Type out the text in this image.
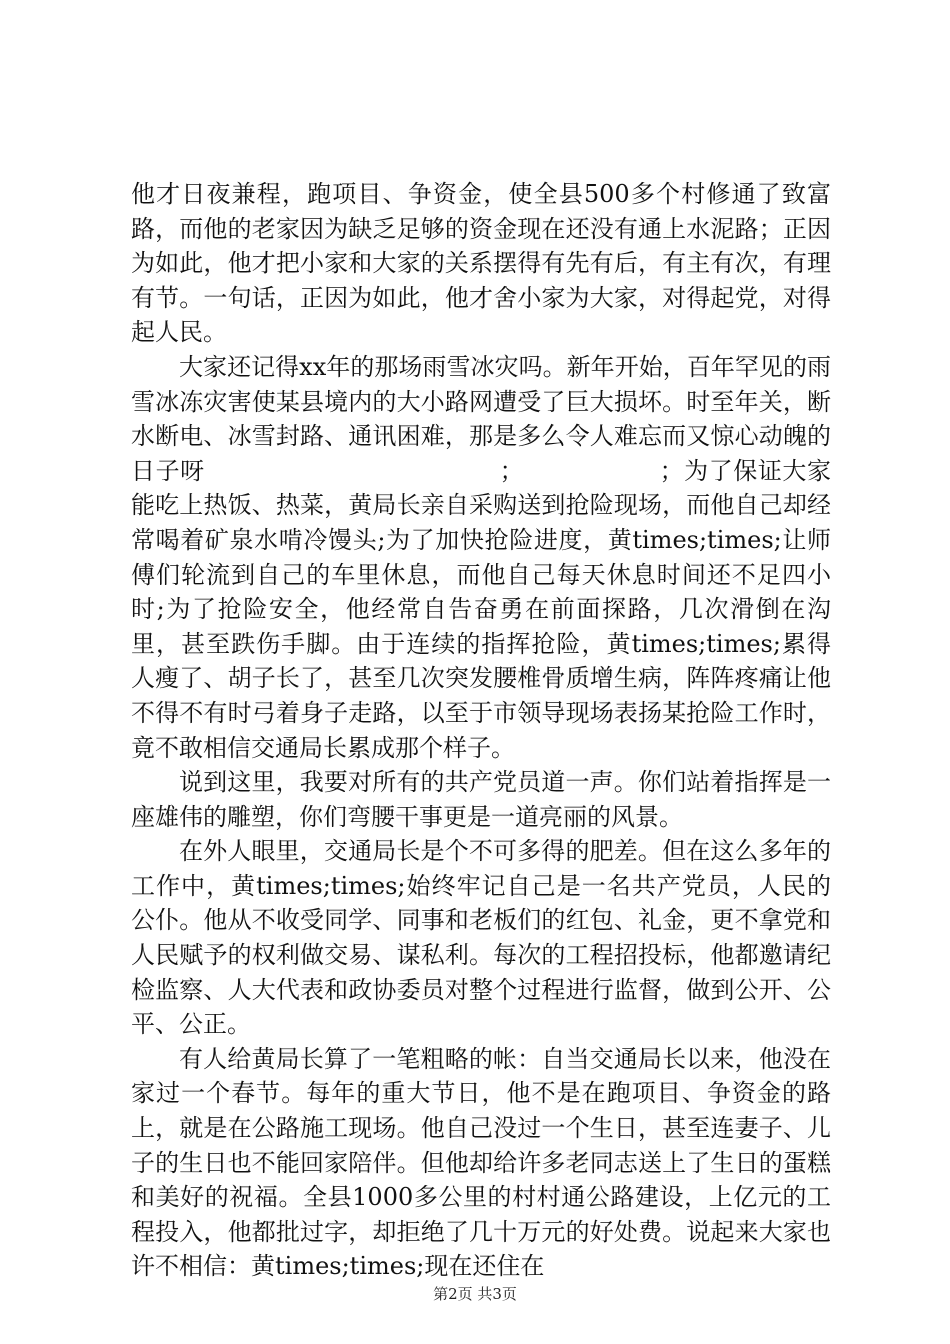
他才日夜兼程，跑项目、争资金，使全县500多个村修通了致富路，而他的老家因为缺乏足够的资金现在还没有通上水泥路；正因为如此，他才把小家和大家的关系摆得有先有后，有主有次，有理有节。一句话，正因为如此，他才舍小家为大家，对得起党，对得起人民。

大家还记得xx年的那场雨雪冰灾吗。新年开始，百年罕见的雨雪冰冻灾害使某县境内的大小路网遭受了巨大损坏。时至年关，断水断电、冰雪封路、通讯困难，那是多么令人难忘而又惊心动魄的日子呀　　　　　　　　　　　　；　　　　　　；为了保证大家能吃上热饭、热菜，黄局长亲自采购送到抢险现场，而他自己却经常喝着矿泉水啃冷馒头;为了加快抢险进度，黄times;times;让师傅们轮流到自己的车里休息，而他自己每天休息时间还不足四小时;为了抢险安全，他经常自告奋勇在前面探路，几次滑倒在沟里，甚至跌伤手脚。由于连续的指挥抢险，黄times;times;累得人瘦了、胡子长了，甚至几次突发腰椎骨质增生病，阵阵疼痛让他不得不有时弓着身子走路，以至于市领导现场表扬某抢险工作时，竟不敢相信交通局长累成那个样子。

说到这里，我要对所有的共产党员道一声。你们站着指挥是一座雄伟的雕塑，你们弯腰干事更是一道亮丽的风景。

在外人眼里，交通局长是个不可多得的肥差。但在这么多年的工作中，黄times;times;始终牢记自己是一名共产党员，人民的公仆。他从不收受同学、同事和老板们的红包、礼金，更不拿党和人民赋予的权利做交易、谋私利。每次的工程招投标，他都邀请纪检监察、人大代表和政协委员对整个过程进行监督，做到公开、公平、公正。

有人给黄局长算了一笔粗略的帐：自当交通局长以来，他没在家过一个春节。每年的重大节日，他不是在跑项目、争资金的路上，就是在公路施工现场。他自己没过一个生日，甚至连妻子、儿子的生日也不能回家陪伴。但他却给许多老同志送上了生日的蛋糕和美好的祝福。全县1000多公里的村村通公路建设，上亿元的工程投入，他都批过字，却拒绝了几十万元的好处费。说起来大家也许不相信：黄times;times;现在还住在

第2页 共3页
